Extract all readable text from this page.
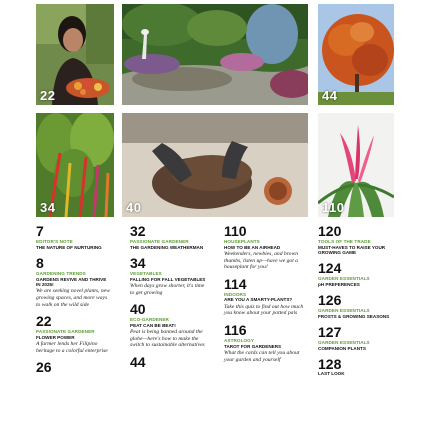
22	44
34	40	110
7
EDITOR'S NOTE
THE NATURE OF NURTURING
8
GARDENING TRENDS
GARDENS REVIVE AND THRIVE IN 2025!
We are seeking novel plants, new growing spaces, and more ways to walk on the wild side
22
PASSIONATE GARDENER
FLOWER POWER
A farmer lends her Filipino heritage to a colorful enterprise
26
32
PASSIONATE GARDENER
THE GARDENING WEATHERMAN
34
VEGETABLES
FALLING FOR FALL VEGETABLES
When days grow shorter, it's time to get growing
40
ECO-GARDENER
PEAT CAN BE BEAT!
Peat is being banned around the globe—here's how to make the switch to sustainable alternatives
44
110
HOUSEPLANTS
HOW TO BE AN AIRHEAD
Weekenders, newbies, and brown thumbs, listen up—have we got a houseplant for you!
114
INDOORS
ARE YOU A SMARTY-PLANTS?
Take this quiz to find out how much you know about your potted pals
116
ASTROLOGY
TAROT FOR GARDENERS
What the cards can tell you about your garden and yourself
120
TOOLS OF THE TRADE
MUST-HAVES TO RAISE YOUR GROWING GAME
124
GARDEN ESSENTIALS
pH PREFERENCES
126
GARDEN ESSENTIALS
FROSTS & GROWING SEASONS
127
GARDEN ESSENTIALS
COMPANION PLANTS
128
LAST LOOK
